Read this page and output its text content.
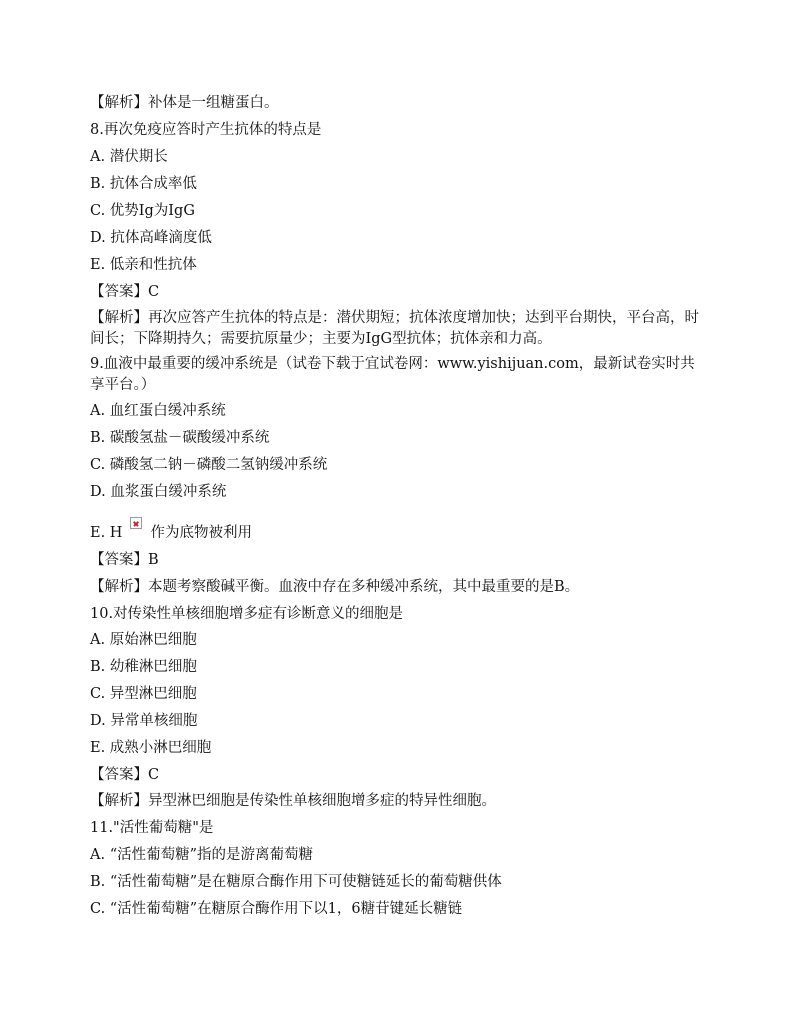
【解析】补体是一组糖蛋白。
8.再次免疫应答时产生抗体的特点是
A. 潜伏期长
B. 抗体合成率低
C. 优势Ig为IgG
D. 抗体高峰滴度低
E. 低亲和性抗体
【答案】C
【解析】再次应答产生抗体的特点是：潜伏期短；抗体浓度增加快；达到平台期快，平台高，时间长；下降期持久；需要抗原量少；主要为IgG型抗体；抗体亲和力高。
9.血液中最重要的缓冲系统是（试卷下载于宜试卷网：www.yishijuan.com，最新试卷实时共享平台。）
A. 血红蛋白缓冲系统
B. 碳酸氢盐－碳酸缓冲系统
C. 磷酸氢二钠－磷酸二氢钠缓冲系统
D. 血浆蛋白缓冲系统
E. H 作为底物被利用
【答案】B
【解析】本题考察酸碱平衡。血液中存在多种缓冲系统，其中最重要的是B。
10.对传染性单核细胞增多症有诊断意义的细胞是
A. 原始淋巴细胞
B. 幼稚淋巴细胞
C. 异型淋巴细胞
D. 异常单核细胞
E. 成熟小淋巴细胞
【答案】C
【解析】异型淋巴细胞是传染性单核细胞增多症的特异性细胞。
11."活性葡萄糖"是
A. “活性葡萄糖”指的是游离葡萄糖
B. “活性葡萄糖”是在糖原合酶作用下可使糖链延长的葡萄糖供体
C. “活性葡萄糖”在糖原合酶作用下以1，6糖苷键延长糖链
